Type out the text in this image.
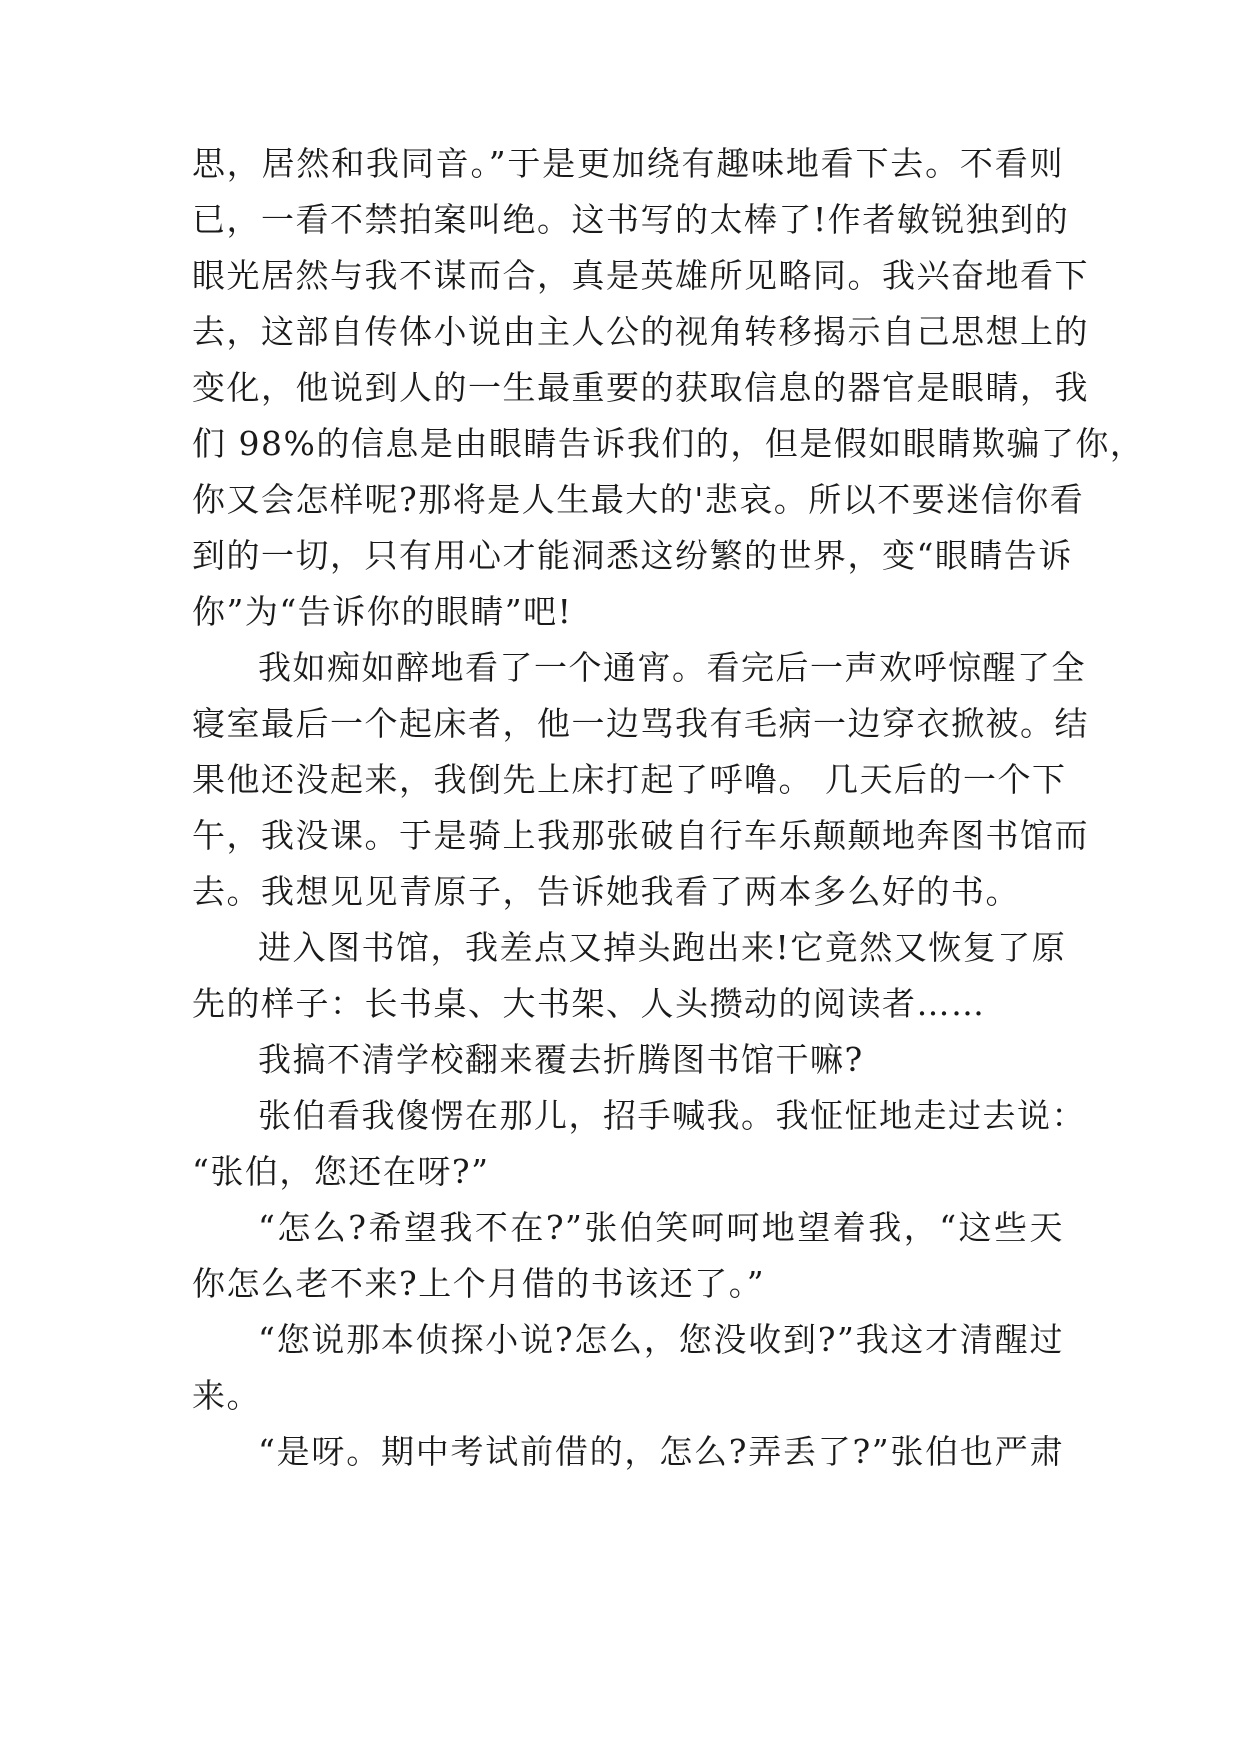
思，居然和我同音。”于是更加绕有趣味地看下去。不看则
已，一看不禁拍案叫绝。这书写的太棒了!作者敏锐独到的
眼光居然与我不谋而合，真是英雄所见略同。我兴奋地看下
去，这部自传体小说由主人公的视角转移揭示自己思想上的
变化，他说到人的一生最重要的获取信息的器官是眼睛，我
们 98%的信息是由眼睛告诉我们的，但是假如眼睛欺骗了你，
你又会怎样呢?那将是人生最大的'悲哀。所以不要迷信你看
到的一切，只有用心才能洞悉这纷繁的世界，变“眼睛告诉
你”为“告诉你的眼睛”吧!
我如痴如醉地看了一个通宵。看完后一声欢呼惊醒了全
寝室最后一个起床者，他一边骂我有毛病一边穿衣掀被。结
果他还没起来，我倒先上床打起了呼噜。 几天后的一个下
午，我没课。于是骑上我那张破自行车乐颠颠地奔图书馆而
去。我想见见青原子，告诉她我看了两本多么好的书。
进入图书馆，我差点又掉头跑出来!它竟然又恢复了原
先的样子：长书桌、大书架、人头攒动的阅读者……
我搞不清学校翻来覆去折腾图书馆干嘛?
张伯看我傻愣在那儿，招手喊我。我怔怔地走过去说：
“张伯，您还在呀?”
“怎么?希望我不在?”张伯笑呵呵地望着我，“这些天
你怎么老不来?上个月借的书该还了。”
“您说那本侦探小说?怎么，您没收到?”我这才清醒过
来。
“是呀。期中考试前借的，怎么?弄丢了?”张伯也严肃
